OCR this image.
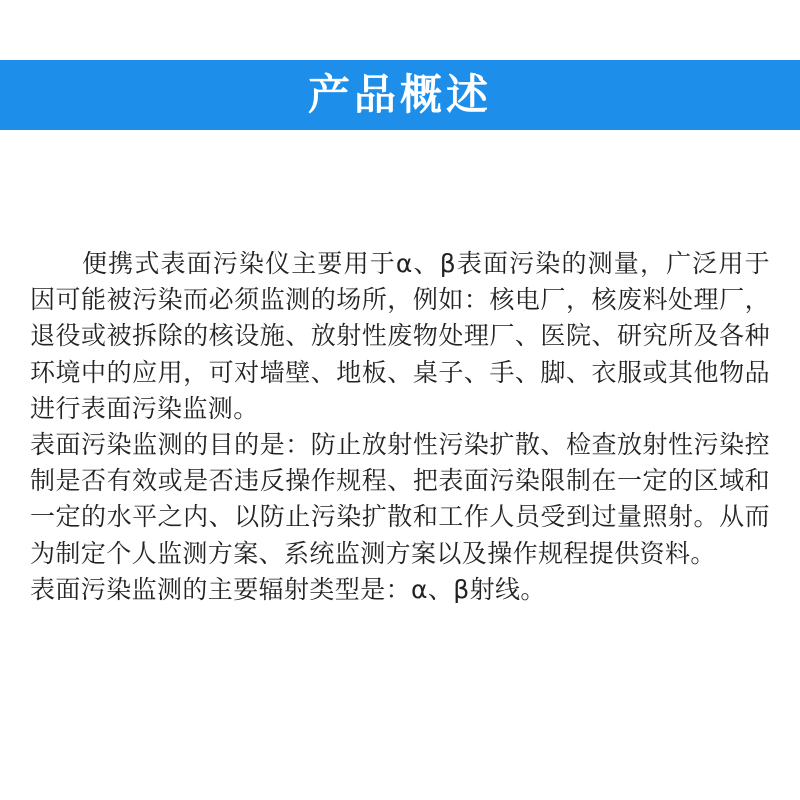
产品概述

便携式表面污染仪主要用于α、β表面污染的测量，广泛用于因可能被污染而必须监测的场所，例如：核电厂，核废料处理厂，退役或被拆除的核设施、放射性废物处理厂、医院、研究所及各种环境中的应用，可对墙壁、地板、桌子、手、脚、衣服或其他物品进行表面污染监测。

表面污染监测的目的是：防止放射性污染扩散、检查放射性污染控制是否有效或是否违反操作规程、把表面污染限制在一定的区域和一定的水平之内、以防止污染扩散和工作人员受到过量照射。从而为制定个人监测方案、系统监测方案以及操作规程提供资料。

表面污染监测的主要辐射类型是：α、β射线。
